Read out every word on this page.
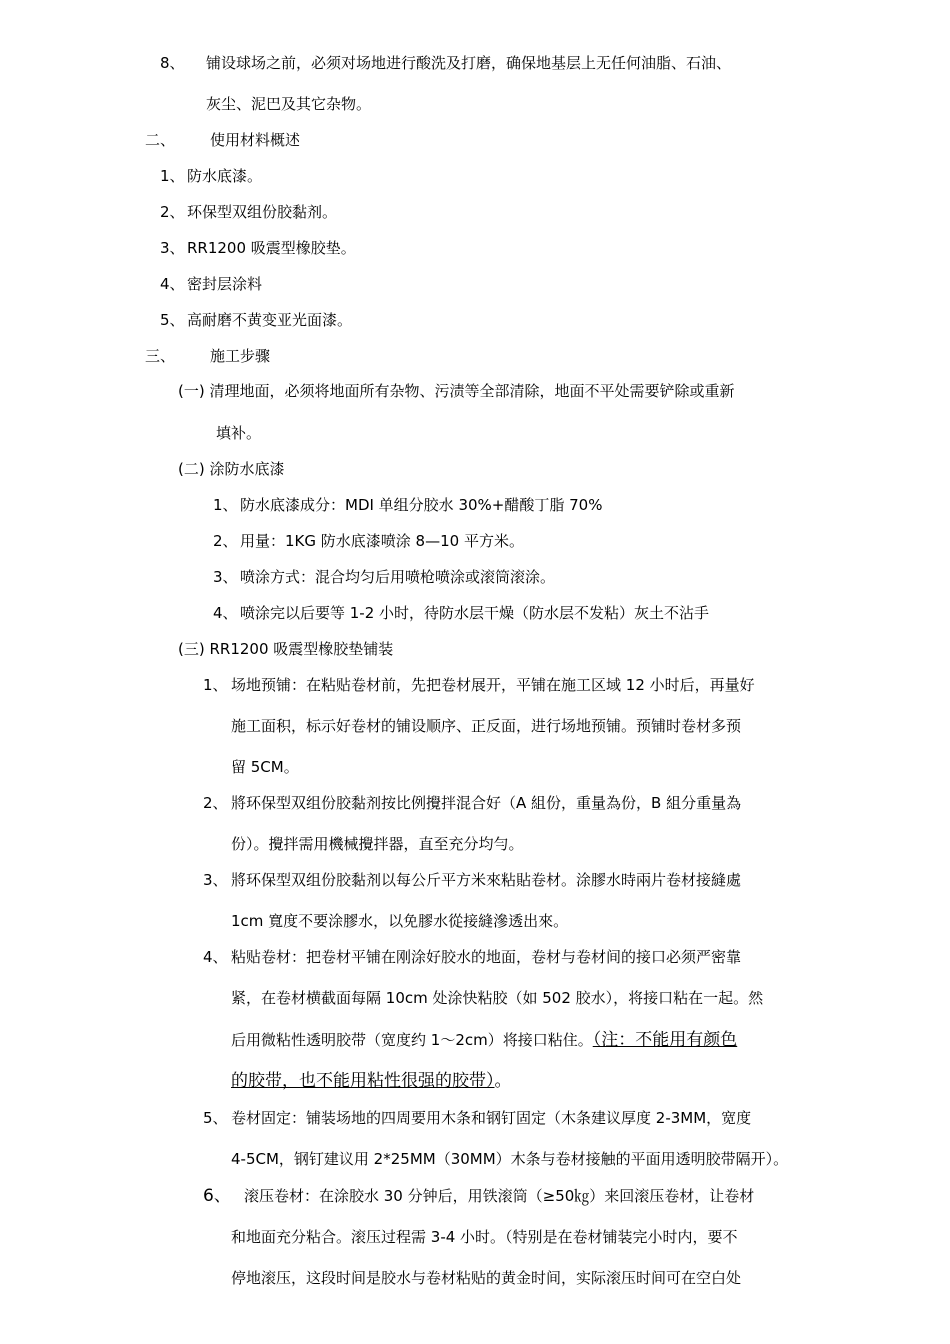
8、 铺设球场之前，必须对场地进行酸洗及打磨，确保地基层上无任何油脂、石油、
灰尘、泥巴及其它杂物。
二、 使用材料概述
1、 防水底漆。
2、 环保型双组份胶黏剂。
3、 RR1200 吸震型橡胶垫。
4、 密封层涂料
5、 高耐磨不黄变亚光面漆。
三、 施工步骤
(一) 清理地面，必须将地面所有杂物、污渍等全部清除，地面不平处需要铲除或重新
填补。
(二) 涂防水底漆
1、 防水底漆成分：MDI 单组分胶水 30%+醋酸丁脂 70%
2、 用量：1KG 防水底漆喷涂 8—10 平方米。
3、 喷涂方式：混合均匀后用喷枪喷涂或滚筒滚涂。
4、 喷涂完以后要等 1-2 小时，待防水层干燥（防水层不发粘）灰土不沾手
(三) RR1200 吸震型橡胶垫铺装
1、 场地预铺：在粘贴卷材前，先把卷材展开，平铺在施工区域 12 小时后，再量好
施工面积，标示好卷材的铺设顺序、正反面，进行场地预铺。预铺时卷材多预
留 5CM。
2、 將环保型双组份胶黏剂按比例攪拌混合好（A 組份，重量為份，B 組分重量為
份）。攪拌需用機械攪拌器，直至充分均勻。
3、 將环保型双组份胶黏剂以每公斤平方米來粘貼卷材。涂膠水時兩片卷材接縫處
1cm 寬度不要涂膠水，以免膠水從接縫滲透出來。
4、 粘贴卷材：把卷材平铺在刚涂好胶水的地面，卷材与卷材间的接口必须严密靠
紧，在卷材横截面每隔 10cm 处涂快粘胶（如 502 胶水），将接口粘在一起。然
后用微粘性透明胶带（宽度约 1～2cm）将接口粘住。（注：不能用有颜色
的胶带，也不能用粘性很强的胶带）。
5、 卷材固定：铺装场地的四周要用木条和钢钉固定（木条建议厚度 2-3MM，宽度
4-5CM，钢钉建议用 2*25MM（30MM）木条与卷材接触的平面用透明胶带隔开）。
6、 滚压卷材：在涂胶水 30 分钟后，用铁滚筒（≥50㎏）来回滚压卷材，让卷材
和地面充分粘合。滚压过程需 3-4 小时。（特别是在卷材铺装完小时内，要不
停地滚压，这段时间是胶水与卷材粘贴的黄金时间，实际滚压时间可在空白处
